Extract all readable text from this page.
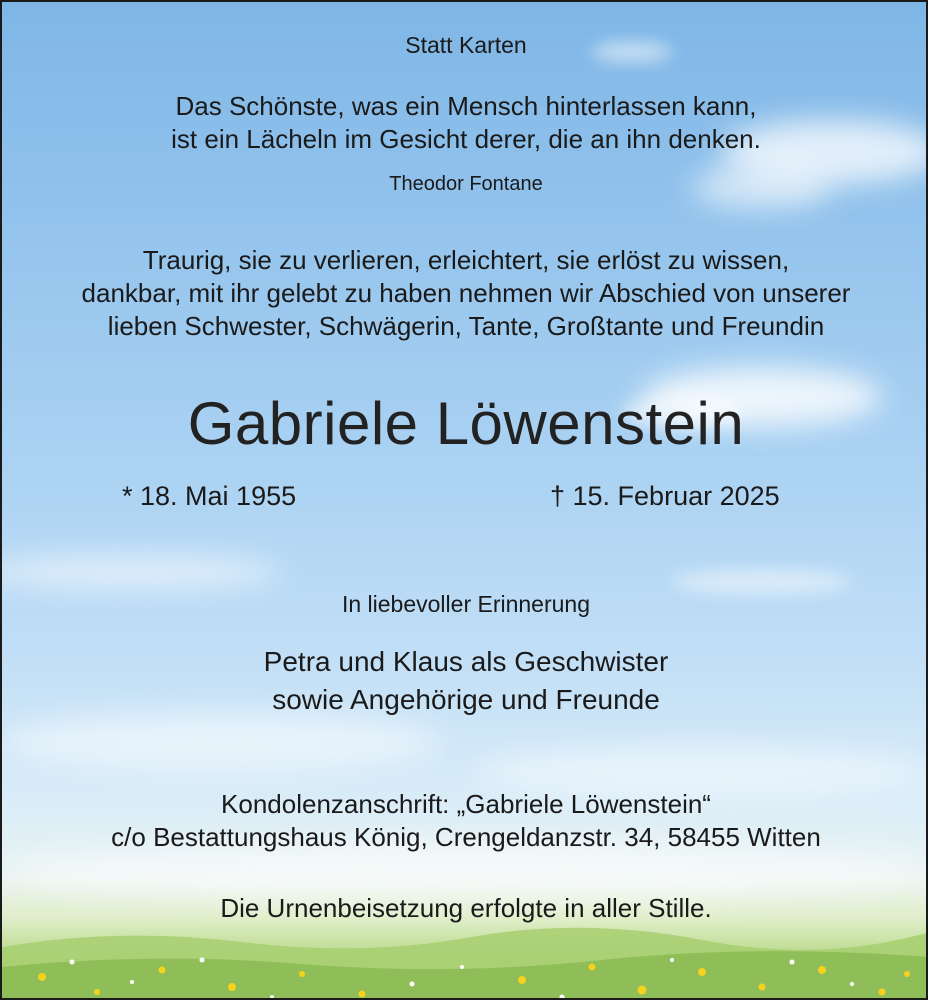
Statt Karten

Das Schönste, was ein Mensch hinterlassen kann,

ist ein Lächeln im Gesicht derer, die an ihn denken.

Theodor Fontane

Traurig, sie zu verlieren, erleichtert, sie erlöst zu wissen,

dankbar, mit ihr gelebt zu haben nehmen wir Abschied von unserer

lieben Schwester, Schwägerin, Tante, Großtante und Freundin

Gabriele Löwenstein

* 18. Mai 1955	† 15. Februar 2025

In liebevoller Erinnerung

Petra und Klaus als Geschwister

sowie Angehörige und Freunde

Kondolenzanschrift: „Gabriele Löwenstein“

c/o Bestattungshaus König, Crengeldanzstr. 34, 58455 Witten

Die Urnenbeisetzung erfolgte in aller Stille.
